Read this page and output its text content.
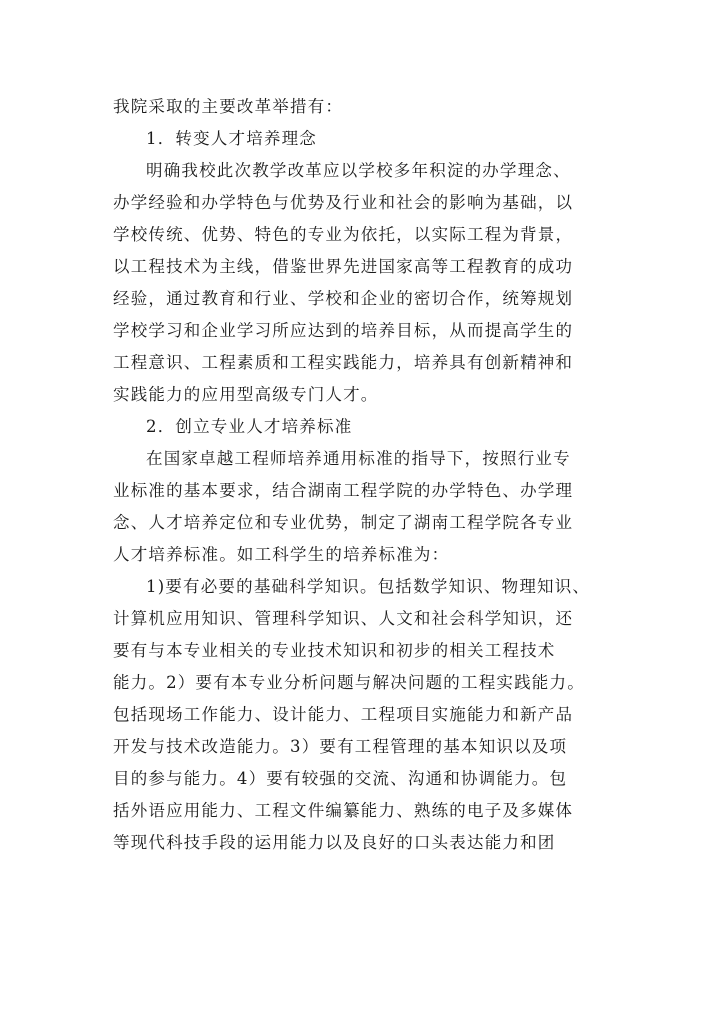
我院采取的主要改革举措有：
1．转变人才培养理念
明确我校此次教学改革应以学校多年积淀的办学理念、
办学经验和办学特色与优势及行业和社会的影响为基础，以
学校传统、优势、特色的专业为依托，以实际工程为背景，
以工程技术为主线，借鉴世界先进国家高等工程教育的成功
经验，通过教育和行业、学校和企业的密切合作，统筹规划
学校学习和企业学习所应达到的培养目标，从而提高学生的
工程意识、工程素质和工程实践能力，培养具有创新精神和
实践能力的应用型高级专门人才。
2．创立专业人才培养标准
在国家卓越工程师培养通用标准的指导下，按照行业专
业标准的基本要求，结合湖南工程学院的办学特色、办学理
念、人才培养定位和专业优势，制定了湖南工程学院各专业
人才培养标准。如工科学生的培养标准为：
1)要有必要的基础科学知识。包括数学知识、物理知识、
计算机应用知识、管理科学知识、人文和社会科学知识，还
要有与本专业相关的专业技术知识和初步的相关工程技术
能力。2）要有本专业分析问题与解决问题的工程实践能力。
包括现场工作能力、设计能力、工程项目实施能力和新产品
开发与技术改造能力。3）要有工程管理的基本知识以及项
目的参与能力。4）要有较强的交流、沟通和协调能力。包
括外语应用能力、工程文件编纂能力、熟练的电子及多媒体
等现代科技手段的运用能力以及良好的口头表达能力和团
